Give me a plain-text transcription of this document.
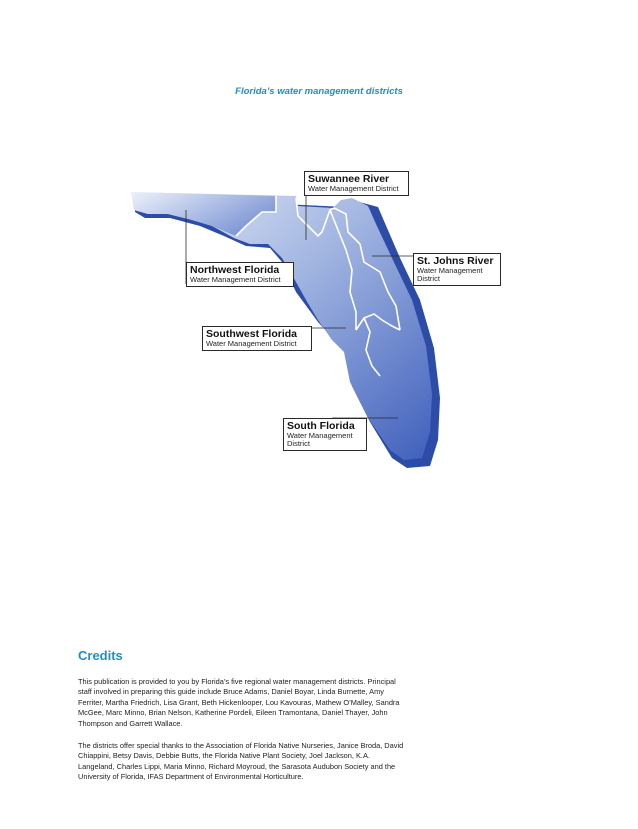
Florida’s water management districts
Suwannee River
Water Management District
St. Johns River
Water Management District
Northwest Florida
Water Management District
Southwest Florida
Water Management District
South Florida
Water Management District
Credits

This publication is provided to you by Florida’s five regional water management districts. Principal staff involved in preparing this guide include Bruce Adams, Daniel Boyar, Linda Burnette, Amy Ferriter, Martha Friedrich, Lisa Grant, Beth Hickenlooper, Lou Kavouras, Mathew O’Malley, Sandra McGee, Marc Minno, Brian Nelson, Katherine Pordeli, Eileen Tramontana, Daniel Thayer, John Thompson and Garrett Wallace.

The districts offer special thanks to the Association of Florida Native Nurseries, Janice Broda, David Chiappini, Betsy Davis, Debbie Butts, the Florida Native Plant Society, Joel Jackson, K.A. Langeland, Charles Lippi, Maria Minno, Richard Moyroud, the Sarasota Audubon Society and the University of Florida, IFAS Department of Environmental Horticulture.
